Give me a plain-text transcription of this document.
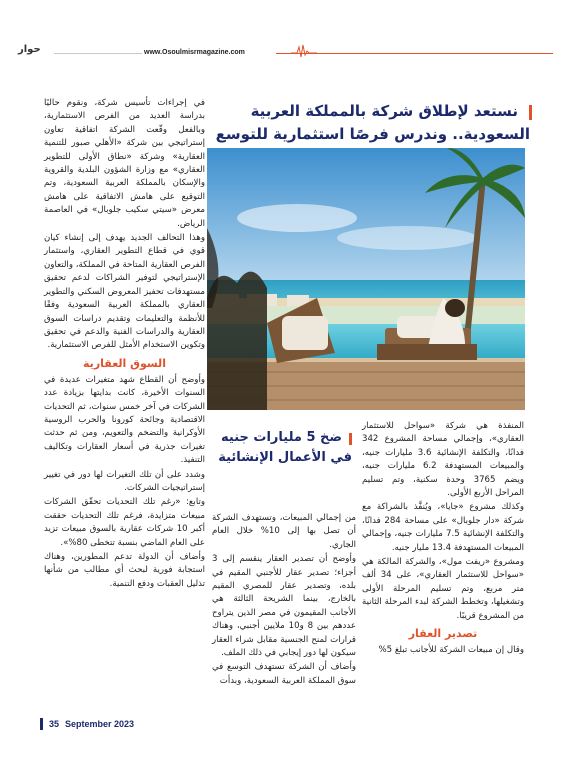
حوار	www.Osoulmisrmagazine.com
نستعد لإطلاق شركة بالمملكة العربية
السعودية.. وندرس فرصًا استثمارية للتوسع
ضخ 5 مليارات جنيه
في الأعمال الإنشائية

في إجراءات تأسيس شركة، ونقوم حاليًا بدراسة العديد من الفرص الاستثمارية، وبالفعل وقّعت الشركة اتفاقية تعاون إستراتيجي بين شركة «الأهلي صبور للتنمية العقارية» وشركة «نطاق الأولى للتطوير العقاري» مع وزارة الشؤون البلدية والقروية والإسكان بالمملكة العربية السعودية، وتم التوقيع على هامش الاتفاقية على هامش معرض «سيتي سكيب جلوبال» في العاصمة الرياض.

وهذا التحالف الجديد يهدف إلى إنشاء كيان قوي في قطاع التطوير العقاري، واستثمار الفرص العقارية المتاحة في المملكة، والتعاون الإستراتيجي لتوفير الشراكات لدعم تحقيق مستهدفات تحفيز المعروض السكني والتطوير العقاري بالمملكة العربية السعودية وفقًا للأنظمة والتعليمات وتقديم دراسات السوق العقارية والدراسات الفنية والدعم في تحقيق وتكوين الاستخدام الأمثل للفرص الاستثمارية.

السوق العقارية

وأوضح أن القطاع شهد متغيرات عديدة في السنوات الأخيرة، كانت بدايتها بزيادة عدد الشركات في آخر خمس سنوات، ثم التحديات الاقتصادية وجائحة كورونا والحرب الروسية الأوكرانية والتضخم والتعويم، ومن ثم حدثت تغيرات جذرية في أسعار العقارات وتكاليف التنفيذ.

وشدد على أن تلك التغيرات لها دور في تغيير إستراتيجيات الشركات.

وتابع: «رغم تلك التحديات تحقّق الشركات مبيعات متزايدة، فرغم تلك التحديات حققت أكبر 10 شركات عقارية بالسوق مبيعات تزيد على العام الماضي بنسبة تتخطى 80%».

وأضاف أن الدولة تدعم المطورين، وهناك استجابة فورية لبحث أي مطالب من شأنها تذليل العقبات ودفع التنمية.

من إجمالي المبيعات، وتستهدف الشركة أن تصل بها إلى 10% خلال العام الجاري.

وأوضح أن تصدير العقار ينقسم إلى 3 أجزاء؛ تصدير عقار للأجنبي المقيم في بلده، وتصدير عقار للمصري المقيم بالخارج، بينما الشريحة الثالثة هي الأجانب المقيمون في مصر الذين يتراوح عددهم بين 8 و10 ملايين أجنبي، وهناك قرارات لمنح الجنسية مقابل شراء العقار سيكون لها دور إيجابي في ذلك الملف.

وأضاف أن الشركة تستهدف التوسع في سوق المملكة العربية السعودية، وبدأت

المنفذة هي شركة «سواحل للاستثمار العقاري»، وإجمالي مساحة المشروع 342 فدانًا، والتكلفة الإنشائية 3.6 مليارات جنيه، والمبيعات المستهدفة 6.2 مليارات جنيه، ويضم 3765 وحدة سكنية، وتم تسليم المراحل الأربع الأولى.

وكذلك مشروع «جايا»، ويُنفَّذ بالشراكة مع شركة «دار جلوبال» على مساحة 284 فدانًا، والتكلفة الإنشائية 7.5 مليارات جنيه، وإجمالي المبيعات المستهدفة 13.4 مليار جنيه.

ومشروع «ريفت مول»، والشركة المالكة هي «سواحل للاستثمار العقاري»، على 34 ألف متر مربع، وتم تسليم المرحلة الأولى وتشغيلها، وتخطط الشركة لبدء المرحلة الثانية من المشروع قريبًا.

تصدير العقار

وقال إن مبيعات الشركة للأجانب تبلغ 5%

35 September 2023
